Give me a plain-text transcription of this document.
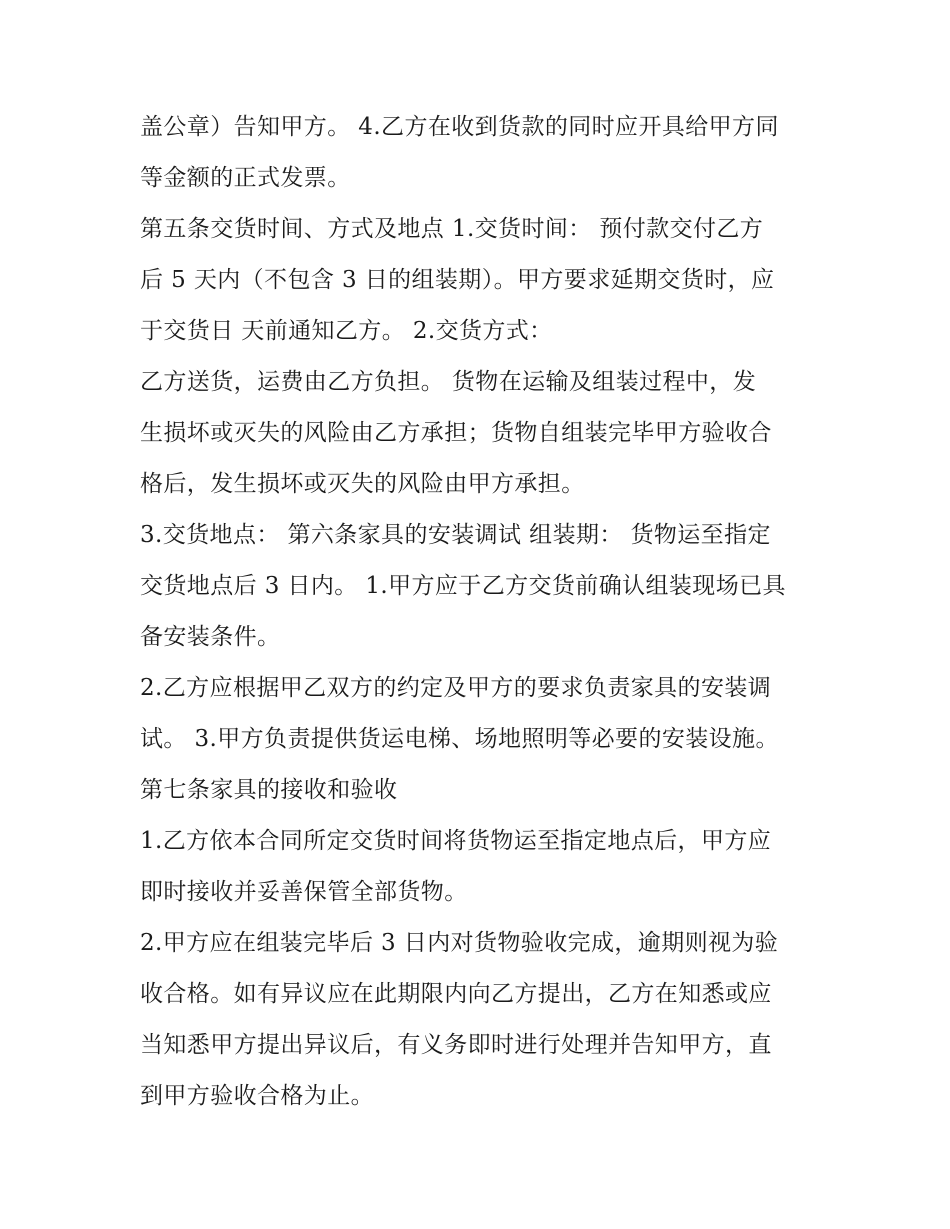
盖公章）告知甲方。 4.乙方在收到货款的同时应开具给甲方同
等金额的正式发票。
第五条交货时间、方式及地点 1.交货时间： 预付款交付乙方
后 5 天内（不包含 3 日的组装期）。甲方要求延期交货时，应
于交货日 天前通知乙方。 2.交货方式：
乙方送货，运费由乙方负担。 货物在运输及组装过程中，发
生损坏或灭失的风险由乙方承担；货物自组装完毕甲方验收合
格后，发生损坏或灭失的风险由甲方承担。
3.交货地点： 第六条家具的安装调试 组装期： 货物运至指定
交货地点后 3 日内。 1.甲方应于乙方交货前确认组装现场已具
备安装条件。
2.乙方应根据甲乙双方的约定及甲方的要求负责家具的安装调
试。 3.甲方负责提供货运电梯、场地照明等必要的安装设施。
第七条家具的接收和验收
1.乙方依本合同所定交货时间将货物运至指定地点后，甲方应
即时接收并妥善保管全部货物。
2.甲方应在组装完毕后 3 日内对货物验收完成，逾期则视为验
收合格。如有异议应在此期限内向乙方提出，乙方在知悉或应
当知悉甲方提出异议后，有义务即时进行处理并告知甲方，直
到甲方验收合格为止。
